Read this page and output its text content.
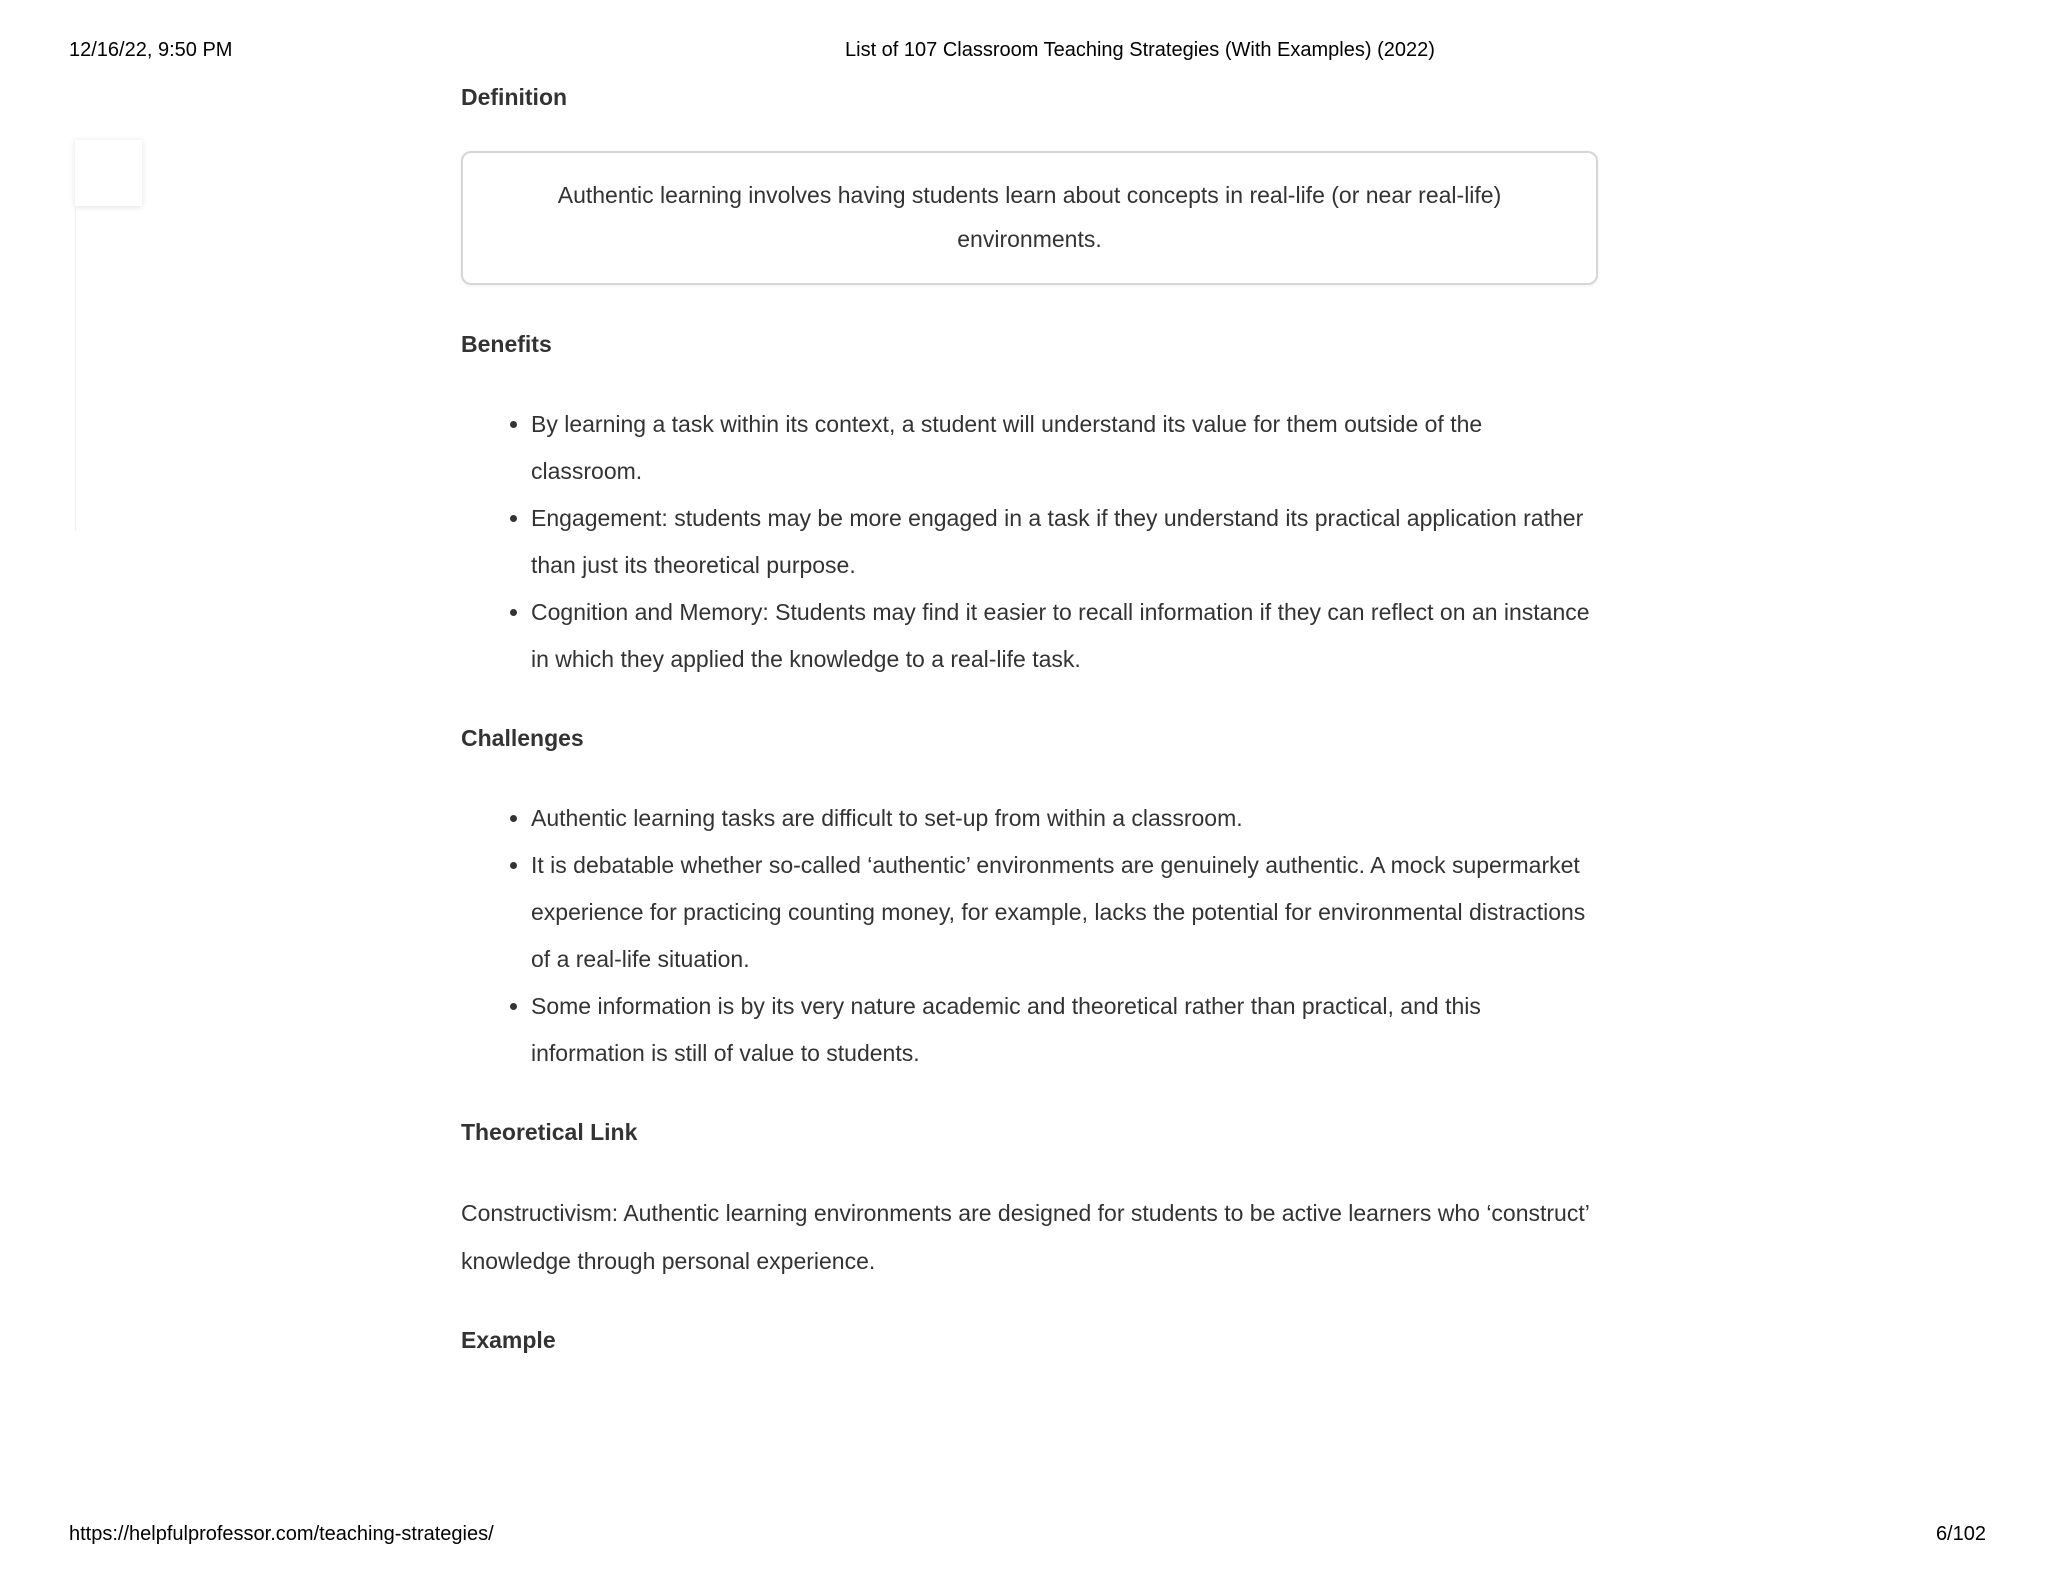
12/16/22, 9:50 PM	List of 107 Classroom Teaching Strategies (With Examples) (2022)
Definition
Authentic learning involves having students learn about concepts in real-life (or near real-life) environments.
Benefits
• By learning a task within its context, a student will understand its value for them outside of the classroom.
• Engagement: students may be more engaged in a task if they understand its practical application rather than just its theoretical purpose.
• Cognition and Memory: Students may find it easier to recall information if they can reflect on an instance in which they applied the knowledge to a real-life task.
Challenges
• Authentic learning tasks are difficult to set-up from within a classroom.
• It is debatable whether so-called ‘authentic’ environments are genuinely authentic. A mock supermarket experience for practicing counting money, for example, lacks the potential for environmental distractions of a real-life situation.
• Some information is by its very nature academic and theoretical rather than practical, and this information is still of value to students.
Theoretical Link

Constructivism: Authentic learning environments are designed for students to be active learners who ‘construct’ knowledge through personal experience.

Example
https://helpfulprofessor.com/teaching-strategies/	6/102
